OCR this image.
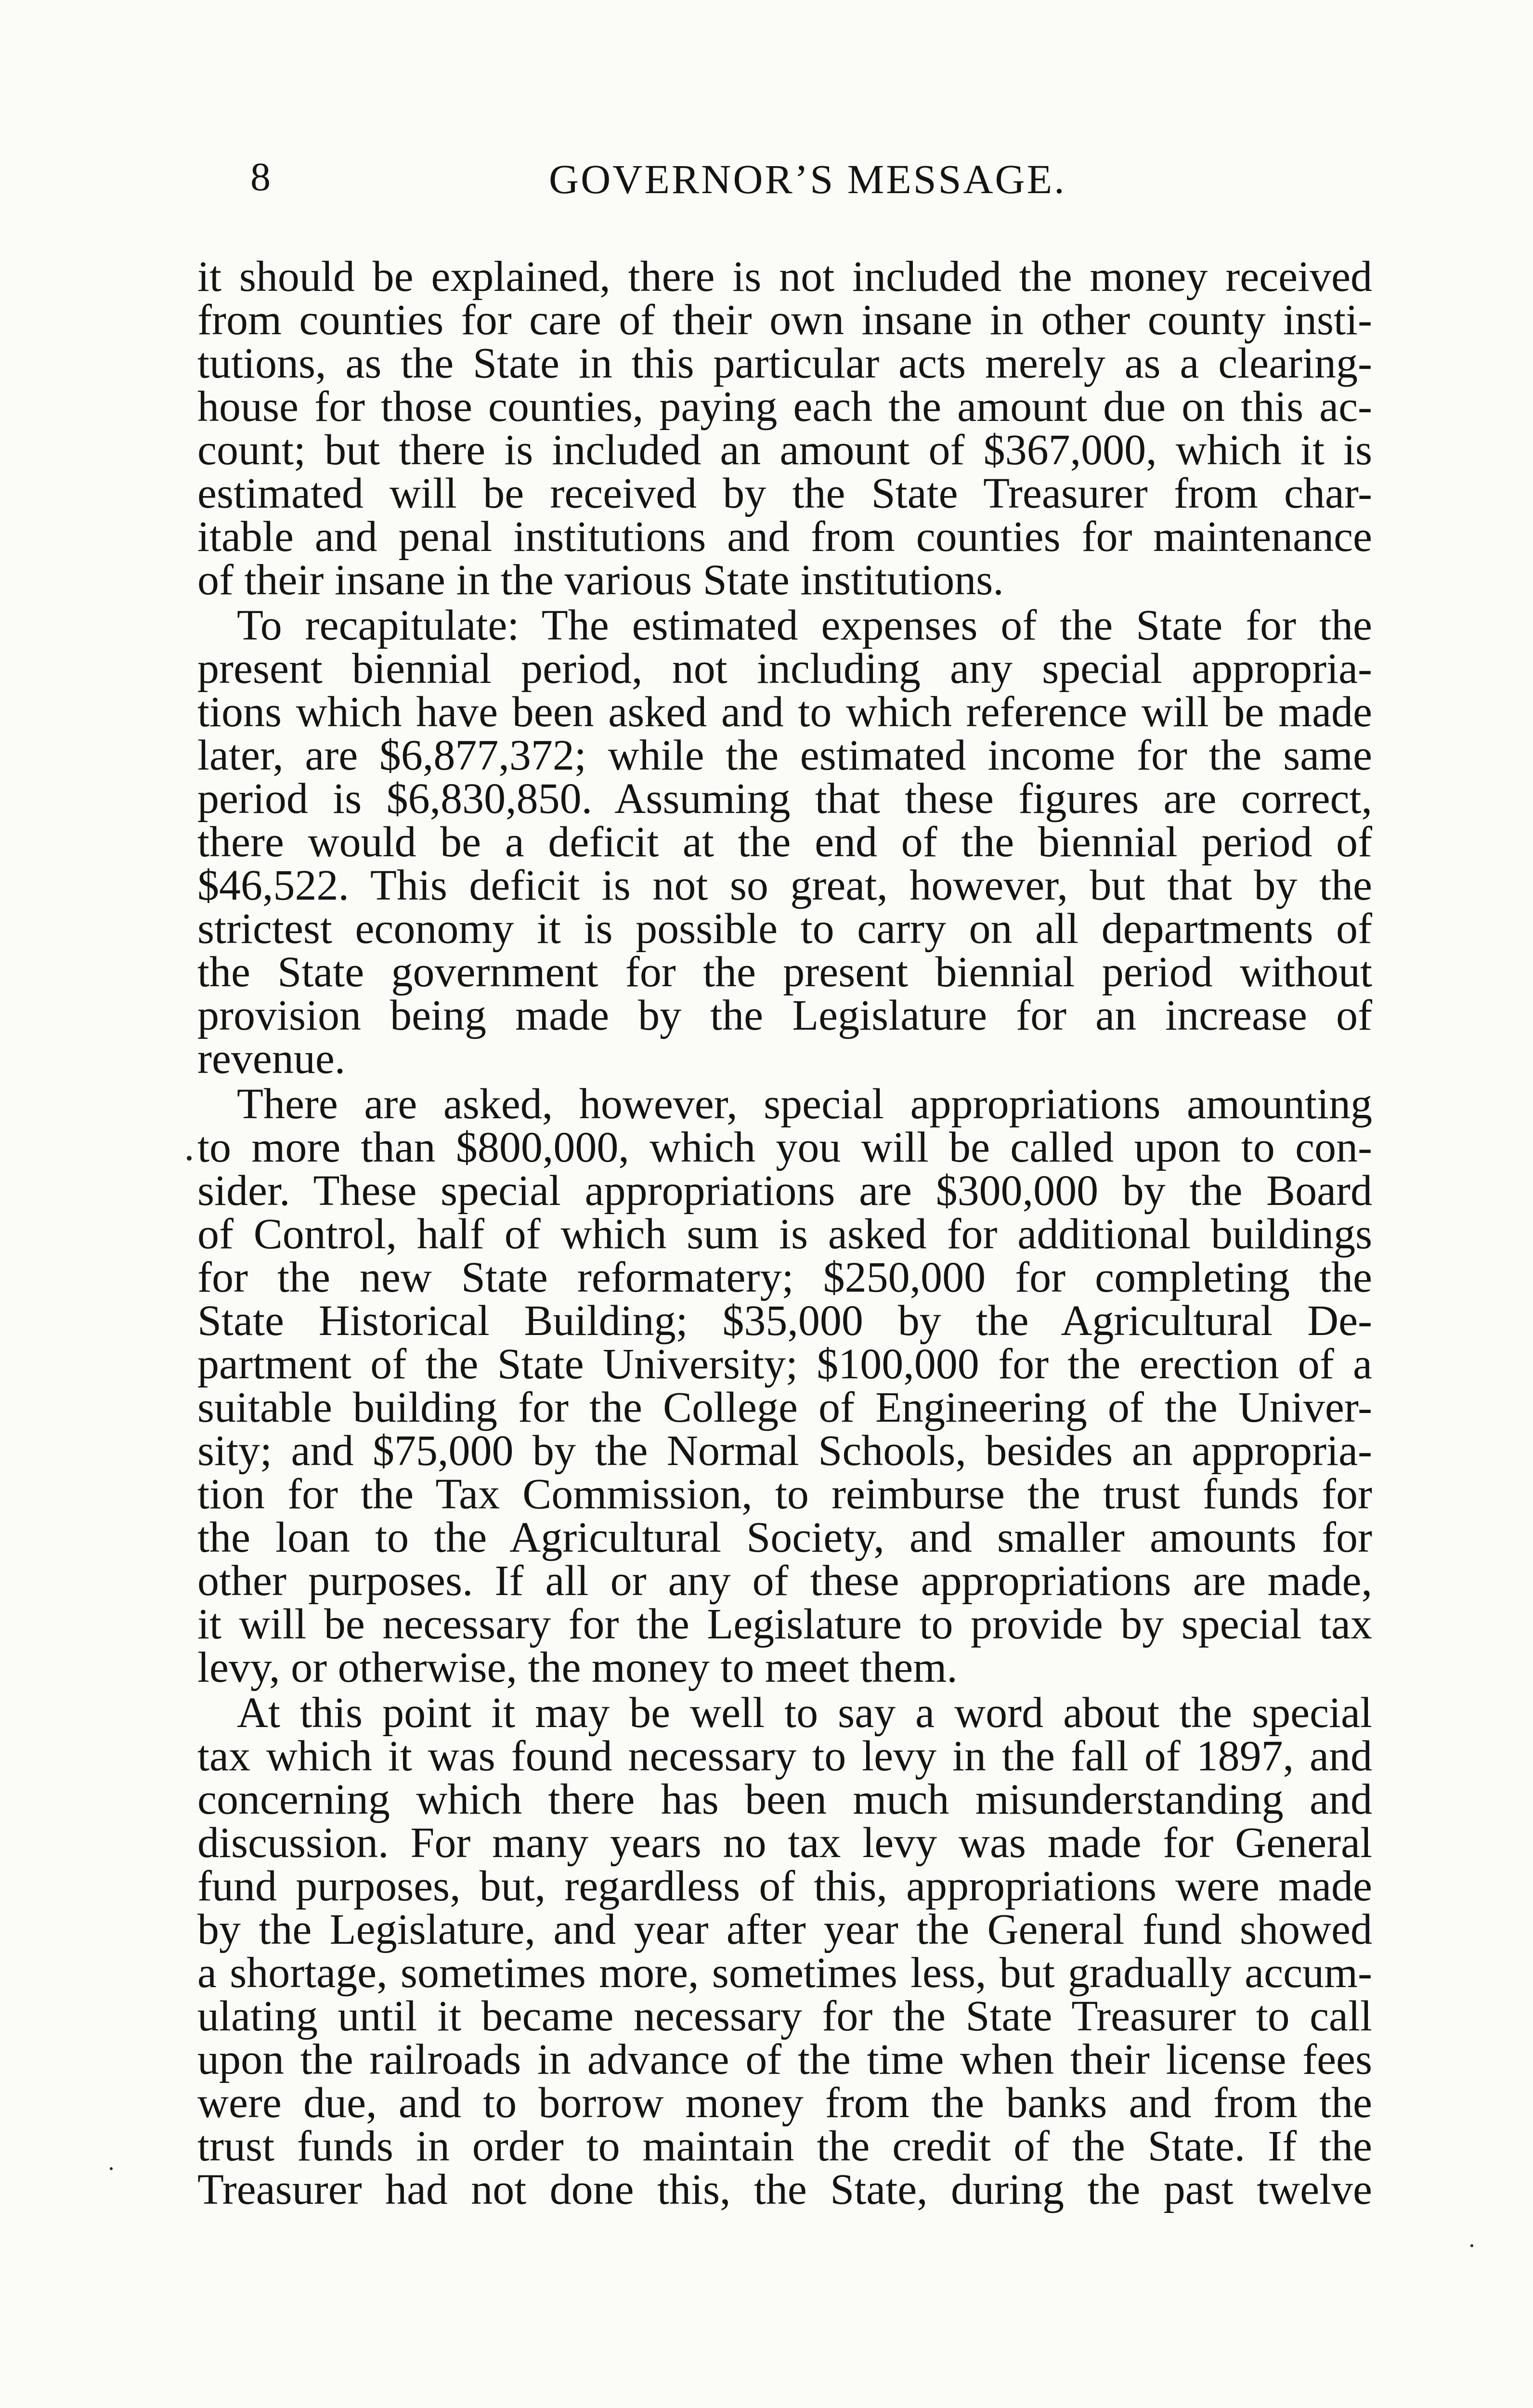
8	GOVERNOR’S MESSAGE.

it should be explained, there is not included the money received
from counties for care of their own insane in other county insti-
tutions, as the State in this particular acts merely as a clearing-
house for those counties, paying each the amount due on this ac-
count; but there is included an amount of $367,000, which it is
estimated will be received by the State Treasurer from char-
itable and penal institutions and from counties for maintenance
of their insane in the various State institutions.

To recapitulate: The estimated expenses of the State for the
present biennial period, not including any special appropria-
tions which have been asked and to which reference will be made
later, are $6,877,372; while the estimated income for the same
period is $6,830,850. Assuming that these figures are correct,
there would be a deficit at the end of the biennial period of
$46,522. This deficit is not so great, however, but that by the
strictest economy it is possible to carry on all departments of
the State government for the present biennial period without
provision being made by the Legislature for an increase of
revenue.

There are asked, however, special appropriations amounting
to more than $800,000, which you will be called upon to con-
sider. These special appropriations are $300,000 by the Board
of Control, half of which sum is asked for additional buildings
for the new State reformatery; $250,000 for completing the
State Historical Building; $35,000 by the Agricultural De-
partment of the State University; $100,000 for the erection of a
suitable building for the College of Engineering of the Univer-
sity; and $75,000 by the Normal Schools, besides an appropria-
tion for the Tax Commission, to reimburse the trust funds for
the loan to the Agricultural Society, and smaller amounts for
other purposes. If all or any of these appropriations are made,
it will be necessary for the Legislature to provide by special tax
levy, or otherwise, the money to meet them.

At this point it may be well to say a word about the special
tax which it was found necessary to levy in the fall of 1897, and
concerning which there has been much misunderstanding and
discussion. For many years no tax levy was made for General
fund purposes, but, regardless of this, appropriations were made
by the Legislature, and year after year the General fund showed
a shortage, sometimes more, sometimes less, but gradually accum-
ulating until it became necessary for the State Treasurer to call
upon the railroads in advance of the time when their license fees
were due, and to borrow money from the banks and from the
trust funds in order to maintain the credit of the State. If the
Treasurer had not done this, the State, during the past twelve
